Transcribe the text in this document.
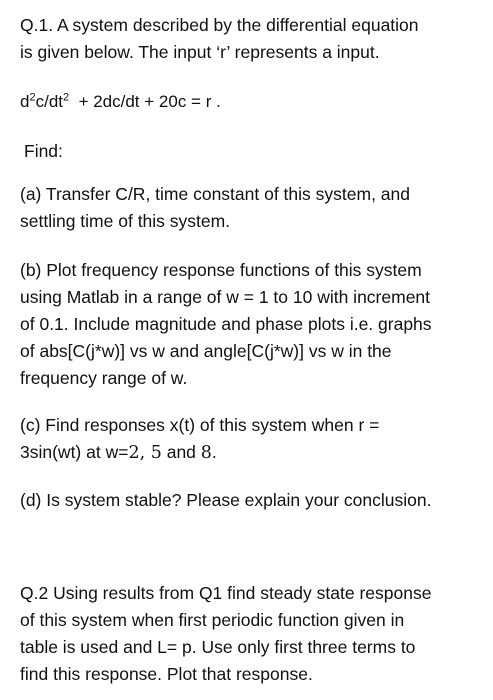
Q.1. A system described by the differential equation
is given below. The input ‘r’ represents a input.
$d^2c/dt^2 + 2dc/dt + 20c = r$ .
Find:
(a) Transfer C/R, time constant of this system, and
settling time of this system.
(b) Plot frequency response functions of this system
using Matlab in a range of w = 1 to 10 with increment
of 0.1. Include magnitude and phase plots i.e. graphs
of abs[C(j*w)] vs w and angle[C(j*w)] vs w in the
frequency range of w.
(c) Find responses x(t) of this system when r =
3sin(wt) at w=2, 5 and 8.
(d) Is system stable? Please explain your conclusion.
Q.2 Using results from Q1 find steady state response
of this system when first periodic function given in
table is used and L= p. Use only first three terms to
find this response. Plot that response.
